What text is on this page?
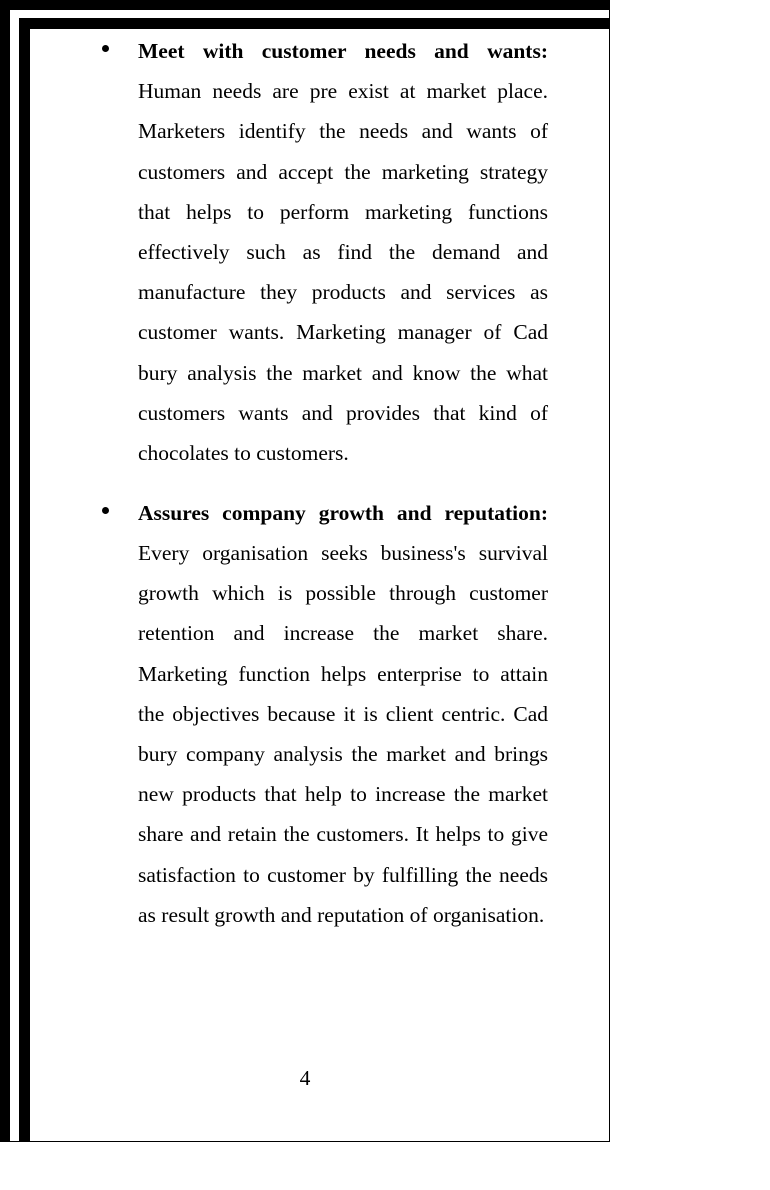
Meet with customer needs and wants: Human needs are pre exist at market place. Marketers identify the needs and wants of customers and accept the marketing strategy that helps to perform marketing functions effectively such as find the demand and manufacture they products and services as customer wants. Marketing manager of Cad bury analysis the market and know the what customers wants and provides that kind of chocolates to customers.

Assures company growth and reputation: Every organisation seeks business's survival growth which is possible through customer retention and increase the market share. Marketing function helps enterprise to attain the objectives because it is client centric. Cad bury company analysis the market and brings new products that help to increase the market share and retain the customers. It helps to give satisfaction to customer by fulfilling the needs as result growth and reputation of organisation.

4
